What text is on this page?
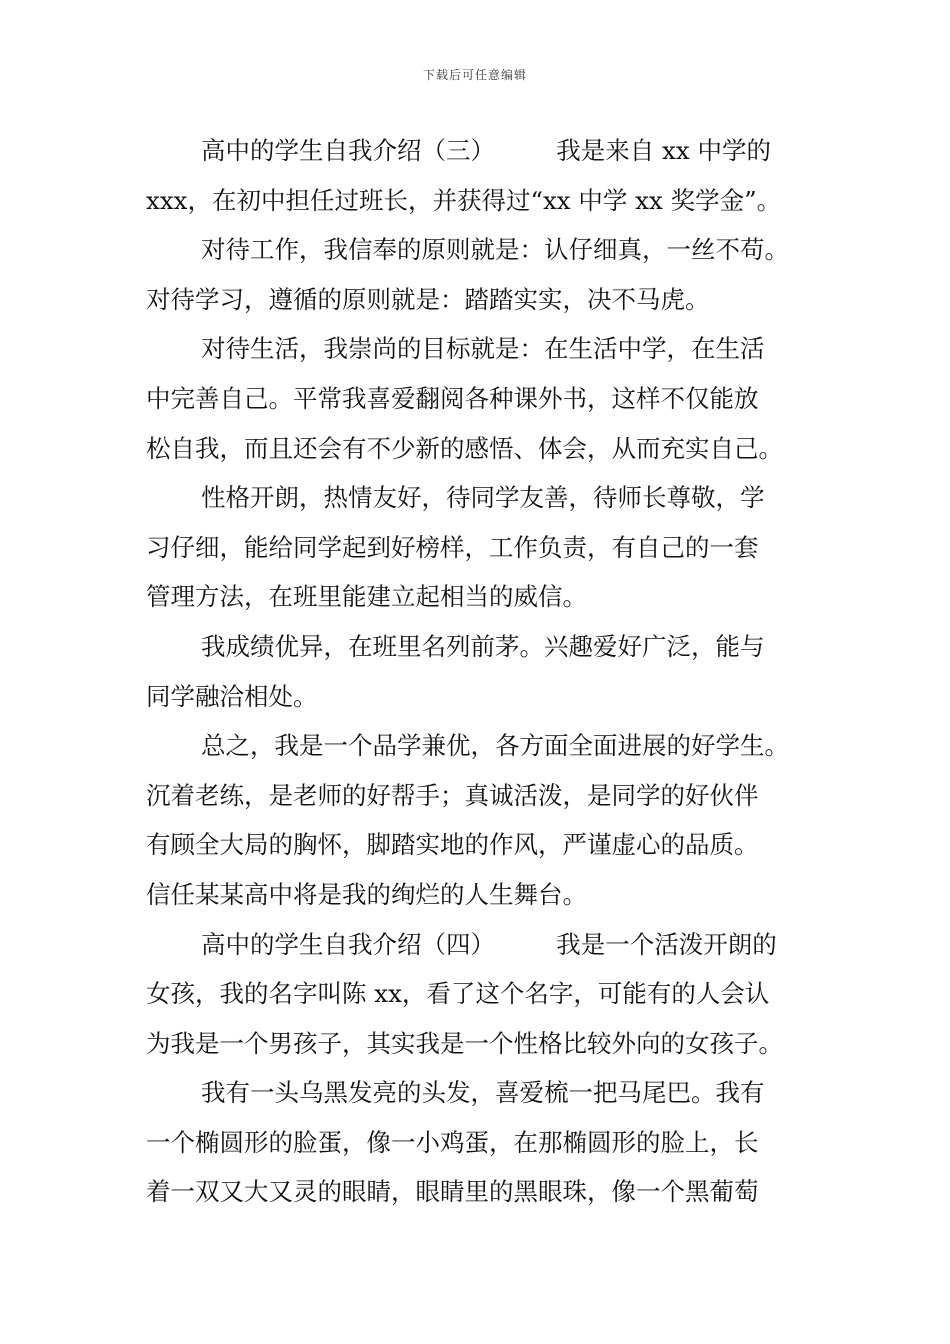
下载后可任意编辑
高中的学生自我介绍（三）　　　我是来自 xx 中学的
xxx，在初中担任过班长，并获得过“xx 中学 xx 奖学金”。
对待工作，我信奉的原则就是：认仔细真，一丝不苟。
对待学习，遵循的原则就是：踏踏实实，决不马虎。
对待生活，我崇尚的目标就是：在生活中学，在生活
中完善自己。平常我喜爱翻阅各种课外书，这样不仅能放
松自我，而且还会有不少新的感悟、体会，从而充实自己。
性格开朗，热情友好，待同学友善，待师长尊敬，学
习仔细，能给同学起到好榜样，工作负责，有自己的一套
管理方法，在班里能建立起相当的威信。
我成绩优异，在班里名列前茅。兴趣爱好广泛，能与
同学融洽相处。
总之，我是一个品学兼优，各方面全面进展的好学生。
沉着老练，是老师的好帮手；真诚活泼，是同学的好伙伴
有顾全大局的胸怀，脚踏实地的作风，严谨虚心的品质。
信任某某高中将是我的绚烂的人生舞台。
高中的学生自我介绍（四）　　　我是一个活泼开朗的
女孩，我的名字叫陈 xx，看了这个名字，可能有的人会认
为我是一个男孩子，其实我是一个性格比较外向的女孩子。
我有一头乌黑发亮的头发，喜爱梳一把马尾巴。我有
一个椭圆形的脸蛋，像一小鸡蛋，在那椭圆形的脸上，长
着一双又大又灵的眼睛，眼睛里的黑眼珠，像一个黑葡萄
